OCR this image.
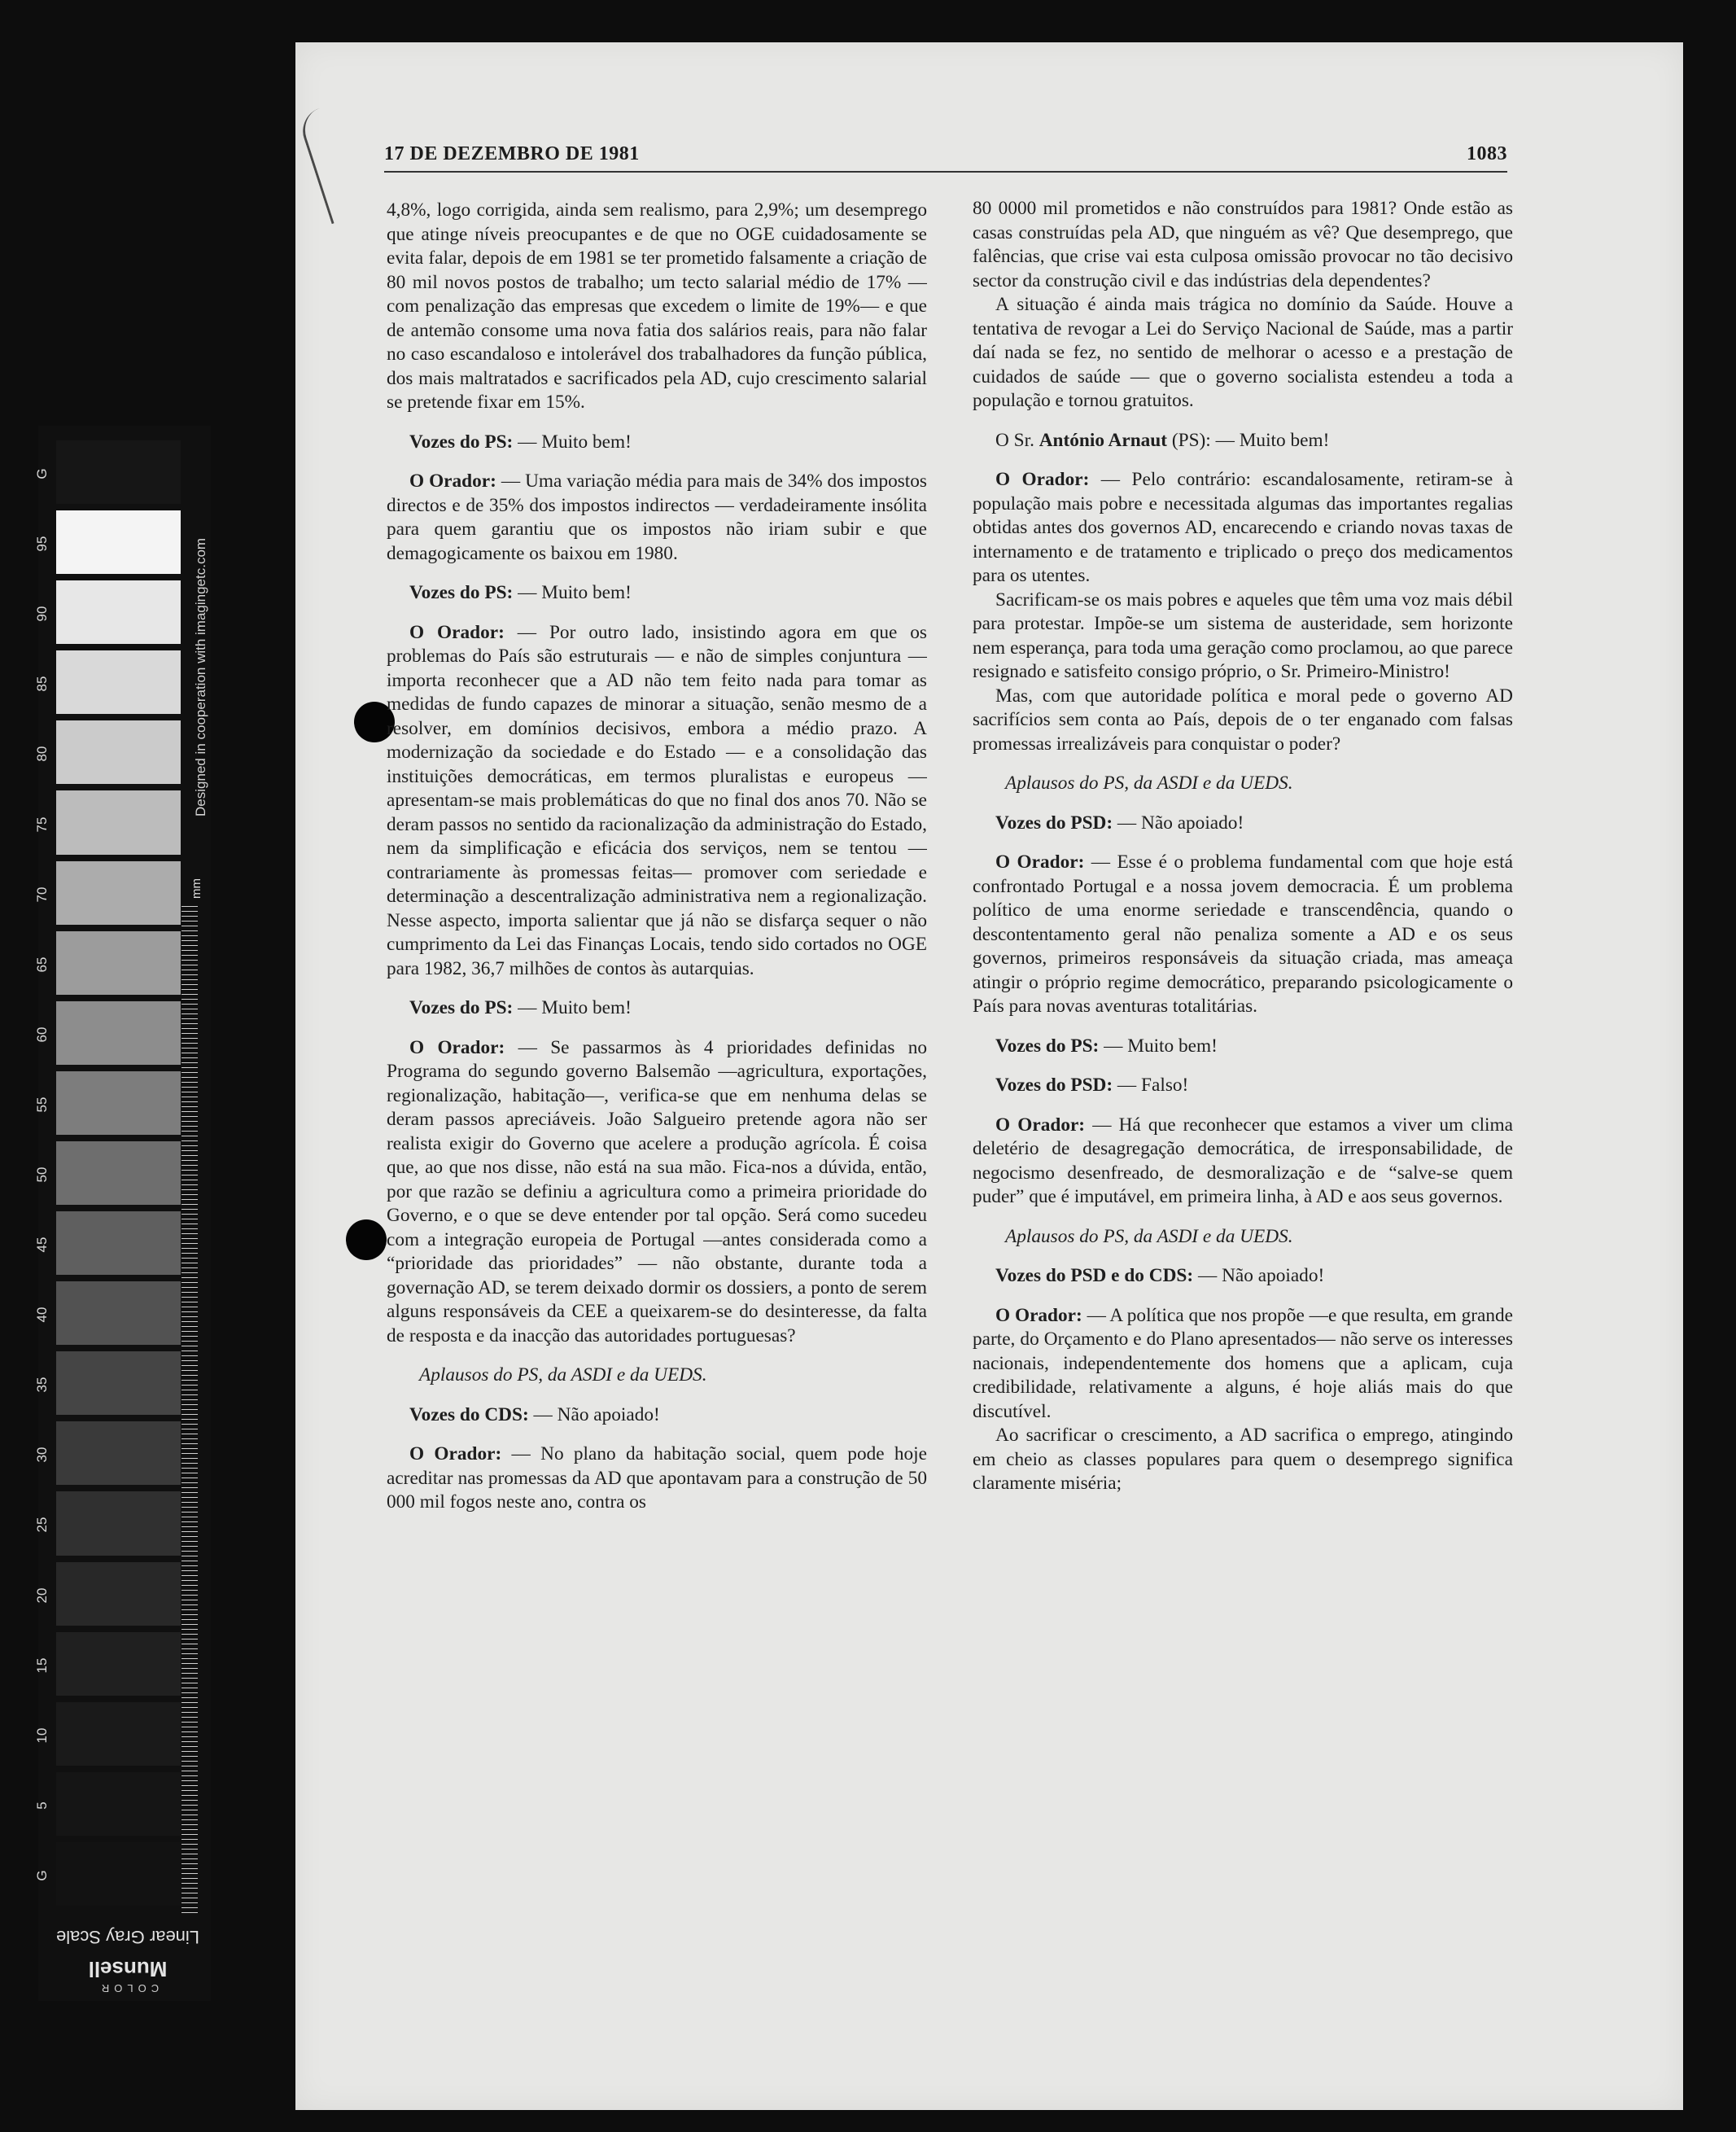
G
95
90
85
80
75
70
65
60
55
50
45
40
35
30
25
20
15
10
5
G
Designed in cooperation with imagingetc.com
mm
Linear Gray Scale
Munsell
COLOR
17 DE DEZEMBRO DE 1981	1083

4,8%, logo corrigida, ainda sem realismo, para 2,9%; um desemprego que atinge níveis preocupantes e de que no OGE cuidadosamente se evita falar, depois de em 1981 se ter prometido falsamente a criação de 80 mil novos postos de trabalho; um tecto salarial médio de 17% —com penalização das empresas que excedem o limite de 19%— e que de antemão consome uma nova fatia dos salários reais, para não falar no caso escandaloso e intolerável dos trabalhadores da função pública, dos mais maltratados e sacrificados pela AD, cujo crescimento salarial se pretende fixar em 15%.

Vozes do PS: — Muito bem!

O Orador: — Uma variação média para mais de 34% dos impostos directos e de 35% dos impostos indirectos — verdadeiramente insólita para quem garantiu que os impostos não iriam subir e que demagogicamente os baixou em 1980.

Vozes do PS: — Muito bem!

O Orador: — Por outro lado, insistindo agora em que os problemas do País são estruturais — e não de simples conjuntura — importa reconhecer que a AD não tem feito nada para tomar as medidas de fundo capazes de minorar a situação, senão mesmo de a resolver, em domínios decisivos, embora a médio prazo. A modernização da sociedade e do Estado — e a consolidação das instituições democráticas, em termos pluralistas e europeus — apresentam-se mais problemáticas do que no final dos anos 70. Não se deram passos no sentido da racionalização da administração do Estado, nem da simplificação e eficácia dos serviços, nem se tentou —contrariamente às promessas feitas— promover com seriedade e determinação a descentralização administrativa nem a regionalização. Nesse aspecto, importa salientar que já não se disfarça sequer o não cumprimento da Lei das Finanças Locais, tendo sido cortados no OGE para 1982, 36,7 milhões de contos às autarquias.

Vozes do PS: — Muito bem!

O Orador: — Se passarmos às 4 prioridades definidas no Programa do segundo governo Balsemão —agricultura, exportações, regionalização, habitação—, verifica-se que em nenhuma delas se deram passos apreciáveis. João Salgueiro pretende agora não ser realista exigir do Governo que acelere a produção agrícola. É coisa que, ao que nos disse, não está na sua mão. Fica-nos a dúvida, então, por que razão se definiu a agricultura como a primeira prioridade do Governo, e o que se deve entender por tal opção. Será como sucedeu com a integração europeia de Portugal —antes considerada como a “prioridade das prioridades” — não obstante, durante toda a governação AD, se terem deixado dormir os dossiers, a ponto de serem alguns responsáveis da CEE a queixarem-se do desinteresse, da falta de resposta e da inacção das autoridades portuguesas?

Aplausos do PS, da ASDI e da UEDS.

Vozes do CDS: — Não apoiado!

O Orador: — No plano da habitação social, quem pode hoje acreditar nas promessas da AD que apontavam para a construção de 50 000 mil fogos neste ano, contra os

80 0000 mil prometidos e não construídos para 1981? Onde estão as casas construídas pela AD, que ninguém as vê? Que desemprego, que falências, que crise vai esta culposa omissão provocar no tão decisivo sector da construção civil e das indústrias dela dependentes?

A situação é ainda mais trágica no domínio da Saúde. Houve a tentativa de revogar a Lei do Serviço Nacional de Saúde, mas a partir daí nada se fez, no sentido de melhorar o acesso e a prestação de cuidados de saúde — que o governo socialista estendeu a toda a população e tornou gratuitos.

O Sr. António Arnaut (PS): — Muito bem!

O Orador: — Pelo contrário: escandalosamente, retiram-se à população mais pobre e necessitada algumas das importantes regalias obtidas antes dos governos AD, encarecendo e criando novas taxas de internamento e de tratamento e triplicado o preço dos medicamentos para os utentes.

Sacrificam-se os mais pobres e aqueles que têm uma voz mais débil para protestar. Impõe-se um sistema de austeridade, sem horizonte nem esperança, para toda uma geração como proclamou, ao que parece resignado e satisfeito consigo próprio, o Sr. Primeiro-Ministro!

Mas, com que autoridade política e moral pede o governo AD sacrifícios sem conta ao País, depois de o ter enganado com falsas promessas irrealizáveis para conquistar o poder?

Aplausos do PS, da ASDI e da UEDS.

Vozes do PSD: — Não apoiado!

O Orador: — Esse é o problema fundamental com que hoje está confrontado Portugal e a nossa jovem democracia. É um problema político de uma enorme seriedade e transcendência, quando o descontentamento geral não penaliza somente a AD e os seus governos, primeiros responsáveis da situação criada, mas ameaça atingir o próprio regime democrático, preparando psicologicamente o País para novas aventuras totalitárias.

Vozes do PS: — Muito bem!

Vozes do PSD: — Falso!

O Orador: — Há que reconhecer que estamos a viver um clima deletério de desagregação democrática, de irresponsabilidade, de negocismo desenfreado, de desmoralização e de “salve-se quem puder” que é imputável, em primeira linha, à AD e aos seus governos.

Aplausos do PS, da ASDI e da UEDS.

Vozes do PSD e do CDS: — Não apoiado!

O Orador: — A política que nos propõe —e que resulta, em grande parte, do Orçamento e do Plano apresentados— não serve os interesses nacionais, independentemente dos homens que a aplicam, cuja credibilidade, relativamente a alguns, é hoje aliás mais do que discutível.

Ao sacrificar o crescimento, a AD sacrifica o emprego, atingindo em cheio as classes populares para quem o desemprego significa claramente miséria;
